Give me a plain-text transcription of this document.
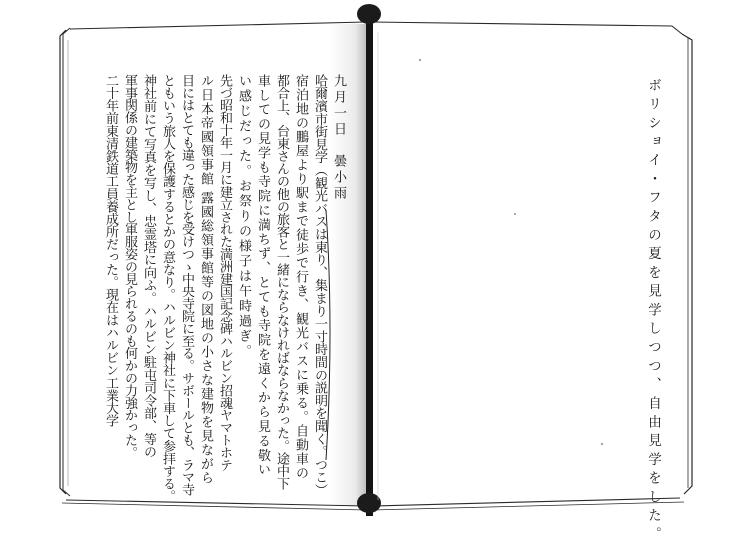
ボリショイ・フタの夏を見学しつつ、自由見学をした。
九月一日　曇小雨
哈爾濱市街見学（観光バスは東り、集まり一寸時間の説明を聞く。つこ）
宿泊地の鵬屋より駅まで徒歩で行き、観光バスに乗る。自動車の
都合上、台東さんの他の旅客と一緒にならなければならなかった。途中下
車しての見学も寺院に満ちず、とても寺院を遠くから見る敬い
い感じだった。お祭りの様子は午時過ぎ。
先づ昭和十年一月に建立された満洲建国記念碑ハルビン招魂ヤマトホテ
ル日本帝國領事館 露國総領事館等の図地の小さな建物を見ながら
目にはとても違った感じを受けつゝ中央寺院に至る。サボールとも、ラマ寺
ともいう旅人を保護するとかの意なり。ハルビン神社に下車して参拝する。
神社前にて写真を写し、忠霊塔に向ふ。ハルビン駐屯司令部、等の
軍事関係の建築物を主とし軍服姿の見られるのも何かの力強かった。
二十年前東清鉄道工員養成所だった。現在はハルビン工業大学
